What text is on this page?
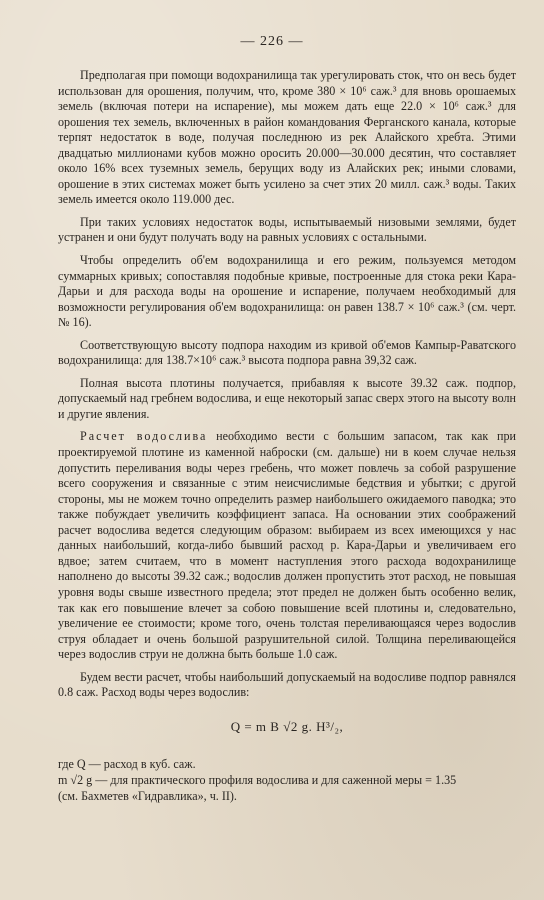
— 226 —

Предполагая при помощи водохранилища так урегулировать сток, что он весь будет использован для орошения, получим, что, кроме 380 × 10⁶ саж.³ для вновь орошаемых земель (включая потери на испарение), мы можем дать еще 22.0 × 10⁶ саж.³ для орошения тех земель, включенных в район командования Ферганского канала, которые терпят недостаток в воде, получая последнюю из рек Алайского хребта. Этими двадцатью миллионами кубов можно оросить 20.000—30.000 десятин, что составляет около 16% всех туземных земель, берущих воду из Алайских рек; иными словами, орошение в этих системах может быть усилено за счет этих 20 милл. саж.³ воды. Таких земель имеется около 119.000 дес.

При таких условиях недостаток воды, испытываемый низовыми землями, будет устранен и они будут получать воду на равных условиях с остальными.

Чтобы определить об'ем водохранилища и его режим, пользуемся методом суммарных кривых; сопоставляя подобные кривые, построенные для стока реки Кара-Дарьи и для расхода воды на орошение и испарение, получаем необходимый для возможности регулирования об'ем водохранилища: он равен 138.7 × 10⁶ саж.³ (см. черт. № 16).

Соответствующую высоту подпора находим из кривой об'емов Кампыр-Раватского водохранилища: для 138.7×10⁶ саж.³ высота подпора равна 39,32 саж.

Полная высота плотины получается, прибавляя к высоте 39.32 саж. подпор, допускаемый над гребнем водослива, и еще некоторый запас сверх этого на высоту волн и другие явления.

Расчет водослива необходимо вести с большим запасом, так как при проектируемой плотине из каменной наброски (см. дальше) ни в коем случае нельзя допустить переливания воды через гребень, что может повлечь за собой разрушение всего сооружения и связанные с этим неисчислимые бедствия и убытки; с другой стороны, мы не можем точно определить размер наибольшего ожидаемого паводка; это также побуждает увеличить коэффициент запаса. На основании этих соображений расчет водослива ведется следующим образом: выбираем из всех имеющихся у нас данных наибольший, когда-либо бывший расход р. Кара-Дарьи и увеличиваем его вдвое; затем считаем, что в момент наступления этого расхода водохранилище наполнено до высоты 39.32 саж.; водослив должен пропустить этот расход, не повышая уровня воды свыше известного предела; этот предел не должен быть особенно велик, так как его повышение влечет за собою повышение всей плотины и, следовательно, увеличение ее стоимости; кроме того, очень толстая переливающаяся через водослив струя обладает и очень большой разрушительной силой. Толщина переливающейся через водослив струи не должна быть больше 1.0 саж.

Будем вести расчет, чтобы наибольший допускаемый на водосливе подпор равнялся 0.8 саж. Расход воды через водослив:

Q = m B √2 g. H³/₂,

где Q — расход в куб. саж.

m √2 g — для практического профиля водослива и для саженной меры = 1.35

(см. Бахметев «Гидравлика», ч. II).
